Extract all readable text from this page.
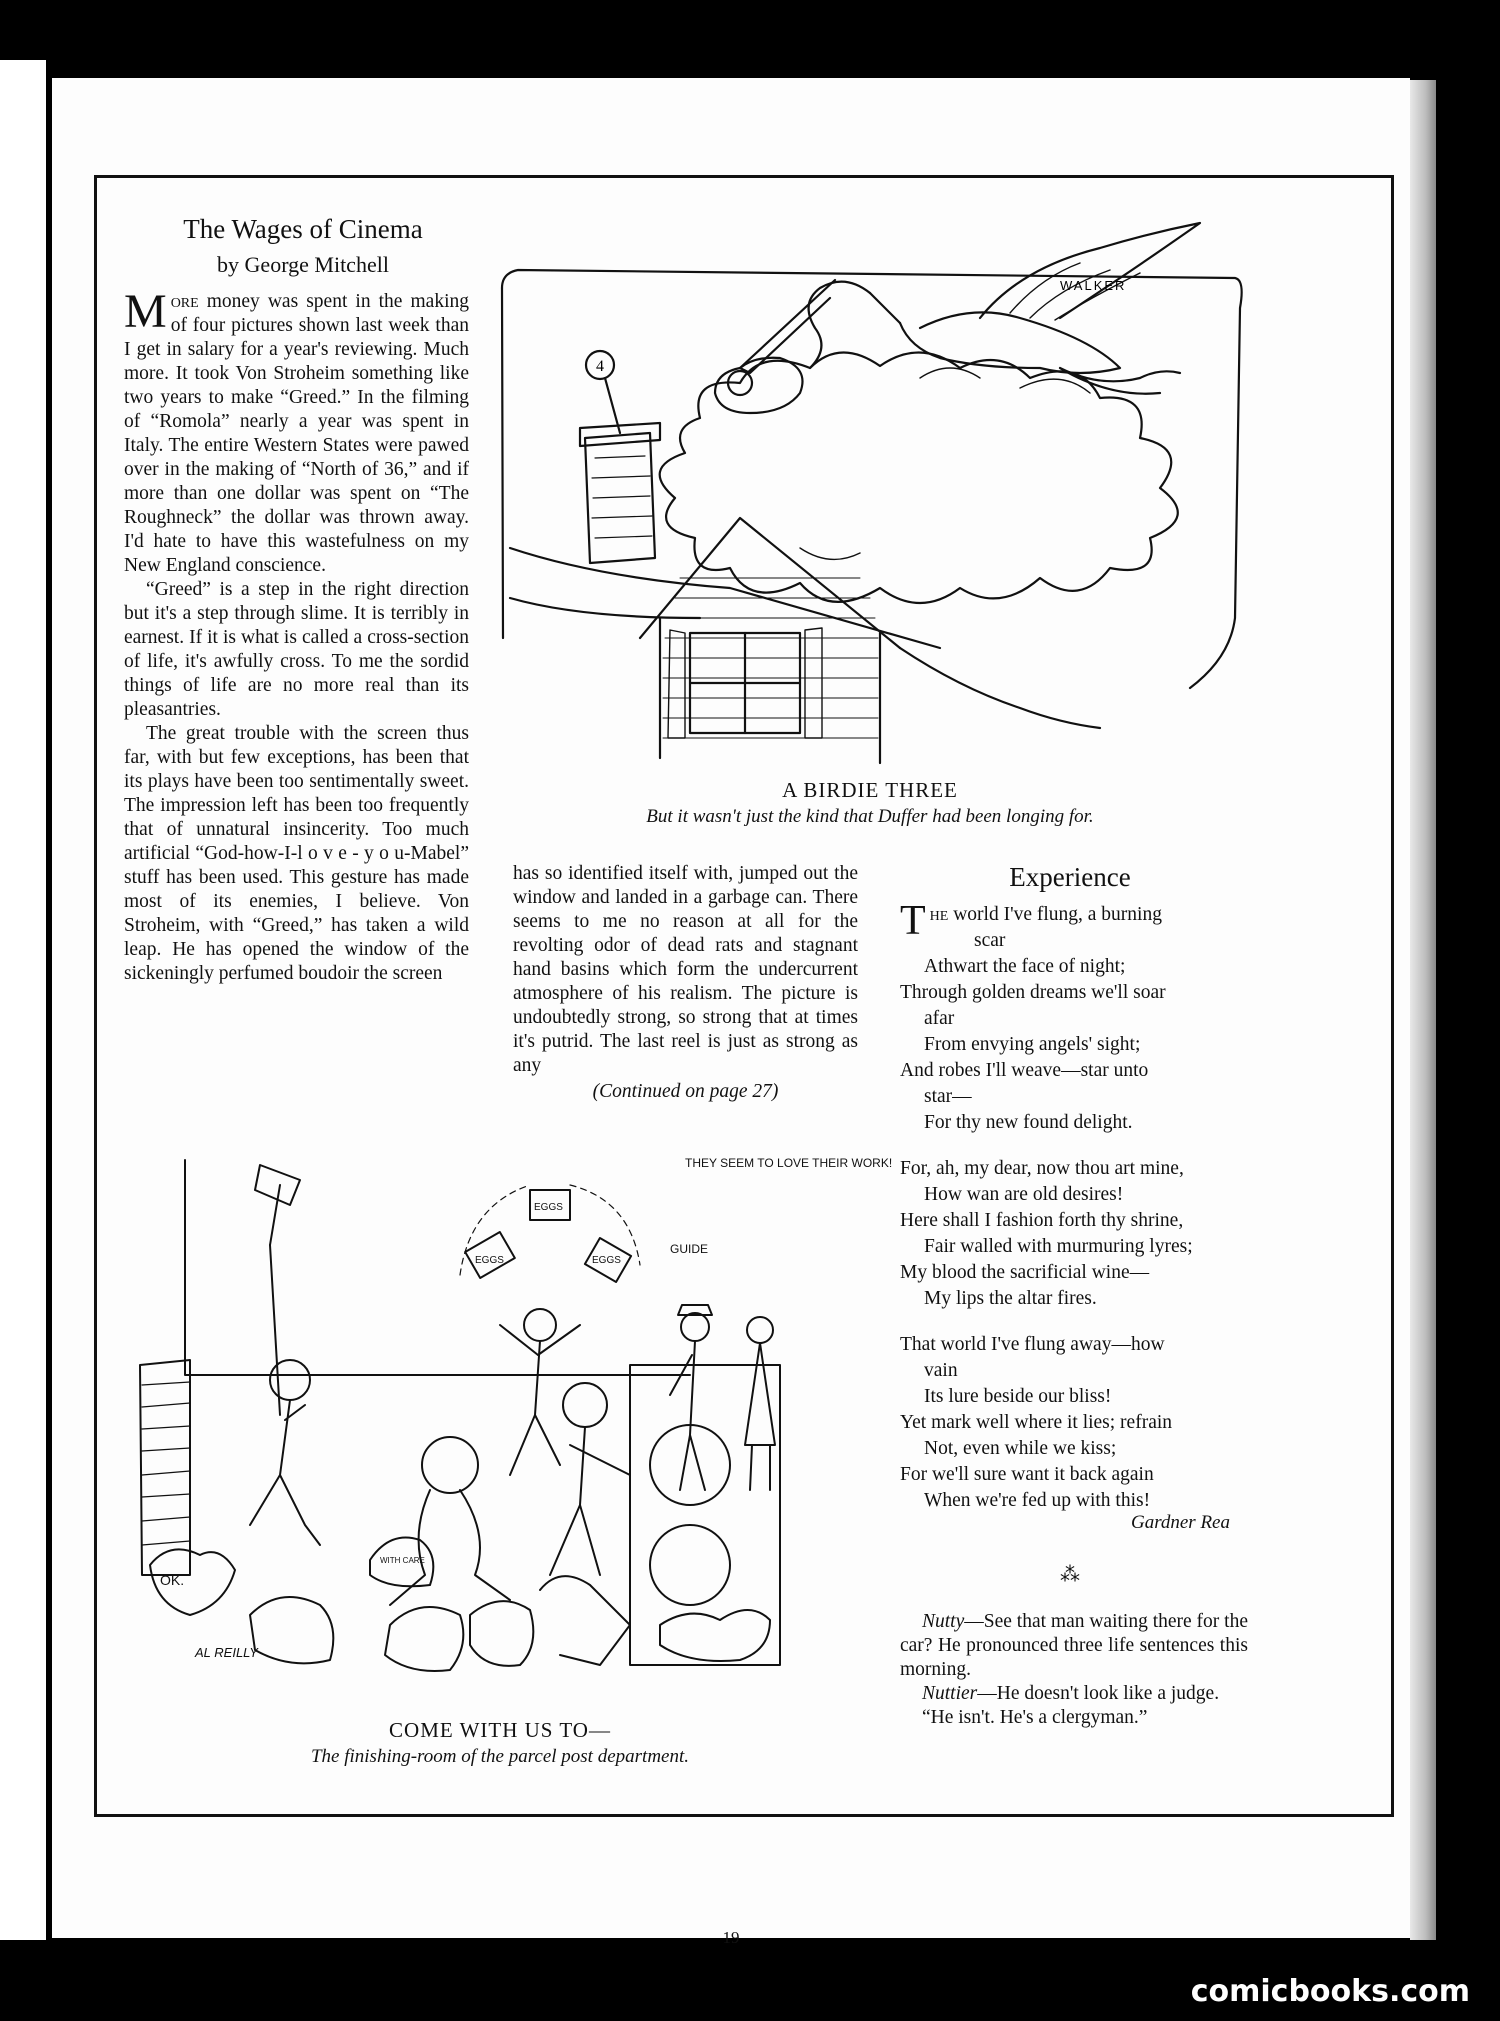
19
The Wages of Cinema
by George Mitchell

More money was spent in the making of four pictures shown last week than I get in salary for a year's reviewing. Much more. It took Von Stroheim something like two years to make “Greed.” In the filming of “Romola” nearly a year was spent in Italy. The entire Western States were pawed over in the making of “North of 36,” and if more than one dollar was spent on “The Roughneck” the dollar was thrown away. I'd hate to have this wastefulness on my New England conscience.

“Greed” is a step in the right direction but it's a step through slime. It is terribly in earnest. If it is what is called a cross-section of life, it's awfully cross. To me the sordid things of life are no more real than its pleasantries.

The great trouble with the screen thus far, with but few exceptions, has been that its plays have been too sentimentally sweet. The impression left has been too frequently that of unnatural insincerity. Too much artificial “God-how-I-l o v e - y o u-Mabel” stuff has been used. This gesture has made most of its enemies, I believe. Von Stroheim, with “Greed,” has taken a wild leap. He has opened the window of the sickeningly perfumed boudoir the screen

has so identified itself with, jumped out the window and landed in a garbage can. There seems to me no reason at all for the revolting odor of dead rats and stagnant hand basins which form the undercurrent atmosphere of his realism. The picture is undoubtedly strong, so strong that at times it's putrid. The last reel is just as strong as any

(Continued on page 27)

4
WALKER
A BIRDIE THREE
But it wasn't just the kind that Duffer had been longing for.
THEY SEEM TO LOVE THEIR WORK!
GUIDE
EGGS
EGGS	EGGS
OK.
WITH CARE
AL REILLY
COME WITH US TO—
The finishing-room of the parcel post department.
Experience
The world I've flung, a burning
scar
Athwart the face of night;
Through golden dreams we'll soar
afar
From envying angels' sight;
And robes I'll weave—star unto
star—
For thy new found delight.
For, ah, my dear, now thou art mine,
How wan are old desires!
Here shall I fashion forth thy shrine,
Fair walled with murmuring lyres;
My blood the sacrificial wine—
My lips the altar fires.
That world I've flung away—how
vain
Its lure beside our bliss!
Yet mark well where it lies; refrain
Not, even while we kiss;
For we'll sure want it back again
When we're fed up with this!
Gardner Rea
⁂

Nutty—See that man waiting there for the car? He pronounced three life sentences this morning.

Nuttier—He doesn't look like a judge.

“He isn't. He's a clergyman.”

comicbooks.com
